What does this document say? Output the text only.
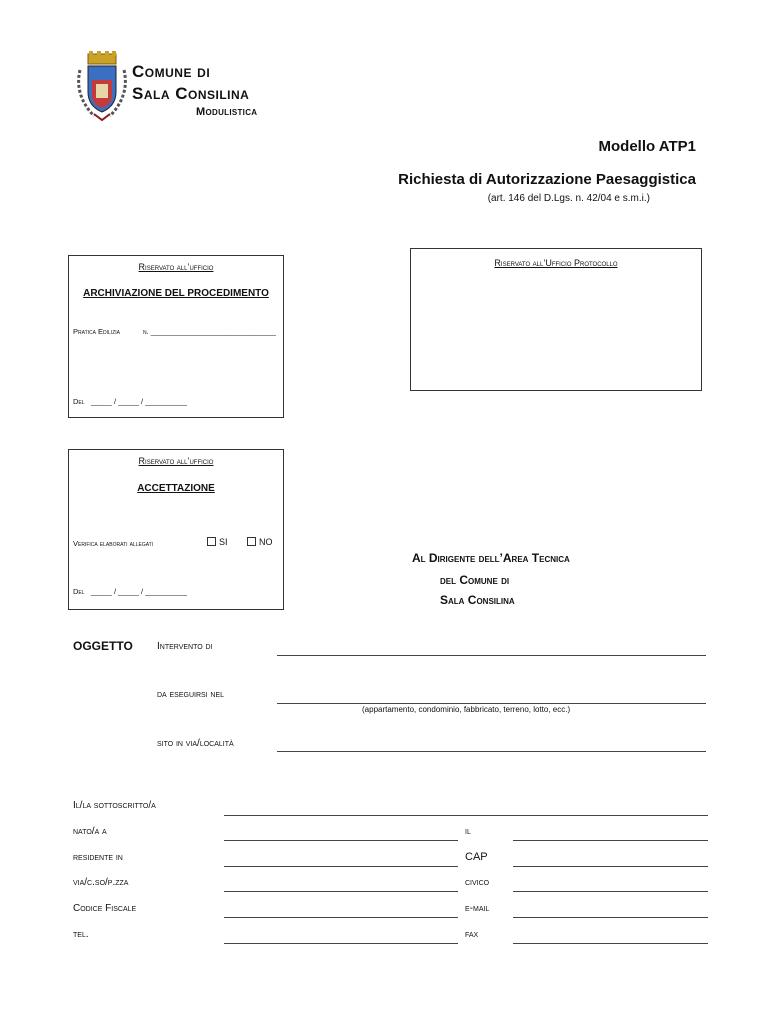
Comune di
Sala Consilina
Modulistica
Modello ATP1
Richiesta di Autorizzazione Paesaggistica
(art. 146 del D.Lgs. n. 42/04 e s.m.i.)
Riservato all’ufficio
ARCHIVIAZIONE DEL PROCEDIMENTO
Pratica Edilizia	n. ______________________________
Del _____ / _____ / __________
Riservato all’Ufficio Protocollo
Riservato all’ufficio
ACCETTAZIONE
Verifica elaborati allegati	SI	NO
Del _____ / _____ / __________
Al Dirigente dell’Area Tecnica
del Comune di
Sala Consilina
OGGETTO Intervento di
da eseguirsi nel
(appartamento, condominio, fabbricato, terreno, lotto, ecc.)
sito in via/località
Il/la sottoscritto/a
nato/a a	il
residente in	CAP
via/c.so/p.zza	civico
Codice Fiscale	e-mail
tel.	fax
